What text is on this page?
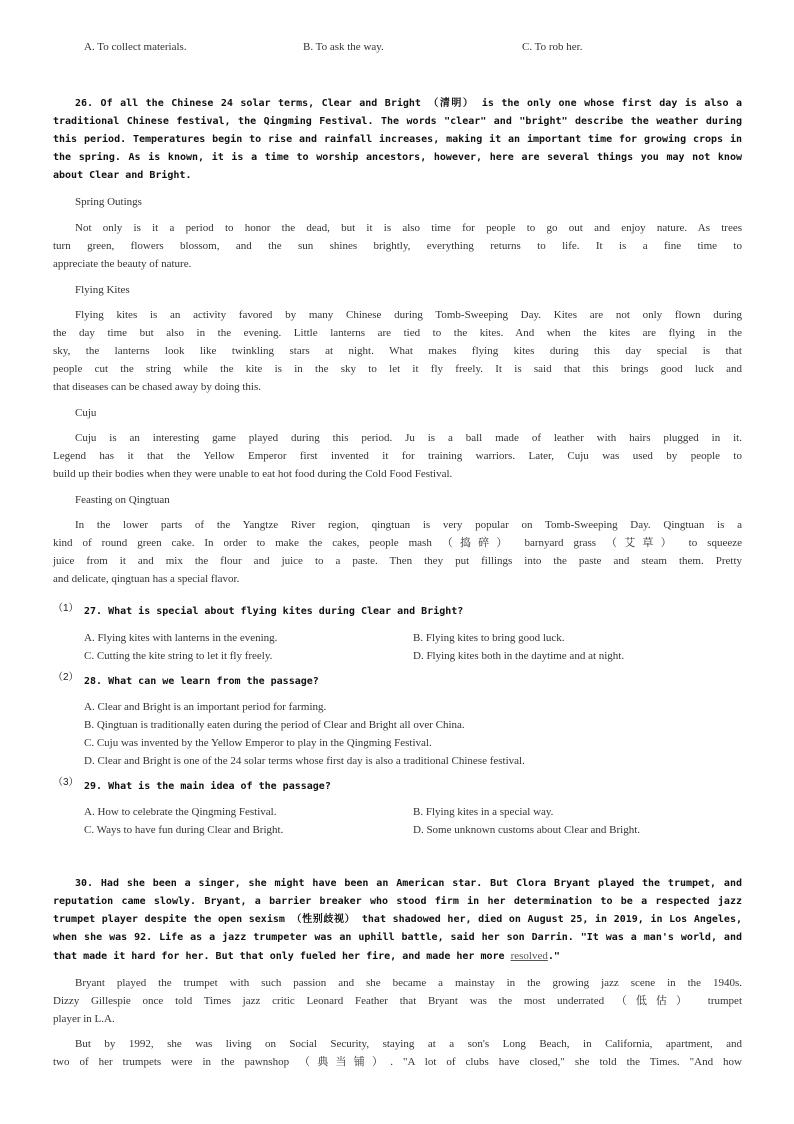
A. To collect materials.	B. To ask the way.	C. To rob her.
26. Of all the Chinese 24 solar terms, Clear and Bright （清明） is the only one whose first day is also a
traditional Chinese festival, the Qingming Festival. The words "clear" and "bright" describe the weather during
this period. Temperatures begin to rise and rainfall increases, making it an important time for growing crops in
the spring. As is known, it is a time to worship ancestors, however, here are several things you may not know
about Clear and Bright.
Spring Outings
Not only is it a period to honor the dead, but it is also time for people to go out and enjoy nature. As trees
turn green, flowers blossom, and the sun shines brightly, everything returns to life. It is a fine time to
appreciate the beauty of nature.
Flying Kites
Flying kites is an activity favored by many Chinese during Tomb-Sweeping Day. Kites are not only flown during
the day time but also in the evening. Little lanterns are tied to the kites. And when the kites are flying in the
sky, the lanterns look like twinkling stars at night. What makes flying kites during this day special is that
people cut the string while the kite is in the sky to let it fly freely. It is said that this brings good luck and
that diseases can be chased away by doing this.
Cuju
Cuju is an interesting game played during this period. Ju is a ball made of leather with hairs plugged in it.
Legend has it that the Yellow Emperor first invented it for training warriors. Later, Cuju was used by people to
build up their bodies when they were unable to eat hot food during the Cold Food Festival.
Feasting on Qingtuan
In the lower parts of the Yangtze River region, qingtuan is very popular on Tomb-Sweeping Day. Qingtuan is a
kind of round green cake. In order to make the cakes, people mash （捣碎） barnyard grass （艾草） to squeeze
juice from it and mix the flour and juice to a paste. Then they put fillings into the paste and steam them. Pretty
and delicate, qingtuan has a special flavor.
（1） 27. What is special about flying kites during Clear and Bright?
A. Flying kites with lanterns in the evening.	B. Flying kites to bring good luck.
C. Cutting the kite string to let it fly freely.	D. Flying kites both in the daytime and at night.
（2） 28. What can we learn from the passage?
A. Clear and Bright is an important period for farming.
B. Qingtuan is traditionally eaten during the period of Clear and Bright all over China.
C. Cuju was invented by the Yellow Emperor to play in the Qingming Festival.
D. Clear and Bright is one of the 24 solar terms whose first day is also a traditional Chinese festival.
（3） 29. What is the main idea of the passage?
A. How to celebrate the Qingming Festival.	B. Flying kites in a special way.
C. Ways to have fun during Clear and Bright.	D. Some unknown customs about Clear and Bright.
30. Had she been a singer, she might have been an American star. But Clora Bryant played the trumpet, and
reputation came slowly. Bryant, a barrier breaker who stood firm in her determination to be a respected jazz
trumpet player despite the open sexism （性别歧视） that shadowed her, died on August 25, in 2019, in Los Angeles,
when she was 92. Life as a jazz trumpeter was an uphill battle, said her son Darrin. "It was a man's world, and
that made it hard for her. But that only fueled her fire, and made her more resolved."
Bryant played the trumpet with such passion and she became a mainstay in the growing jazz scene in the 1940s.
Dizzy Gillespie once told Times jazz critic Leonard Feather that Bryant was the most underrated （低估） trumpet
player in L.A.
But by 1992, she was living on Social Security, staying at a son's Long Beach, in California, apartment, and
two of her trumpets were in the pawnshop （典当铺）. "A lot of clubs have closed," she told the Times. "And how
